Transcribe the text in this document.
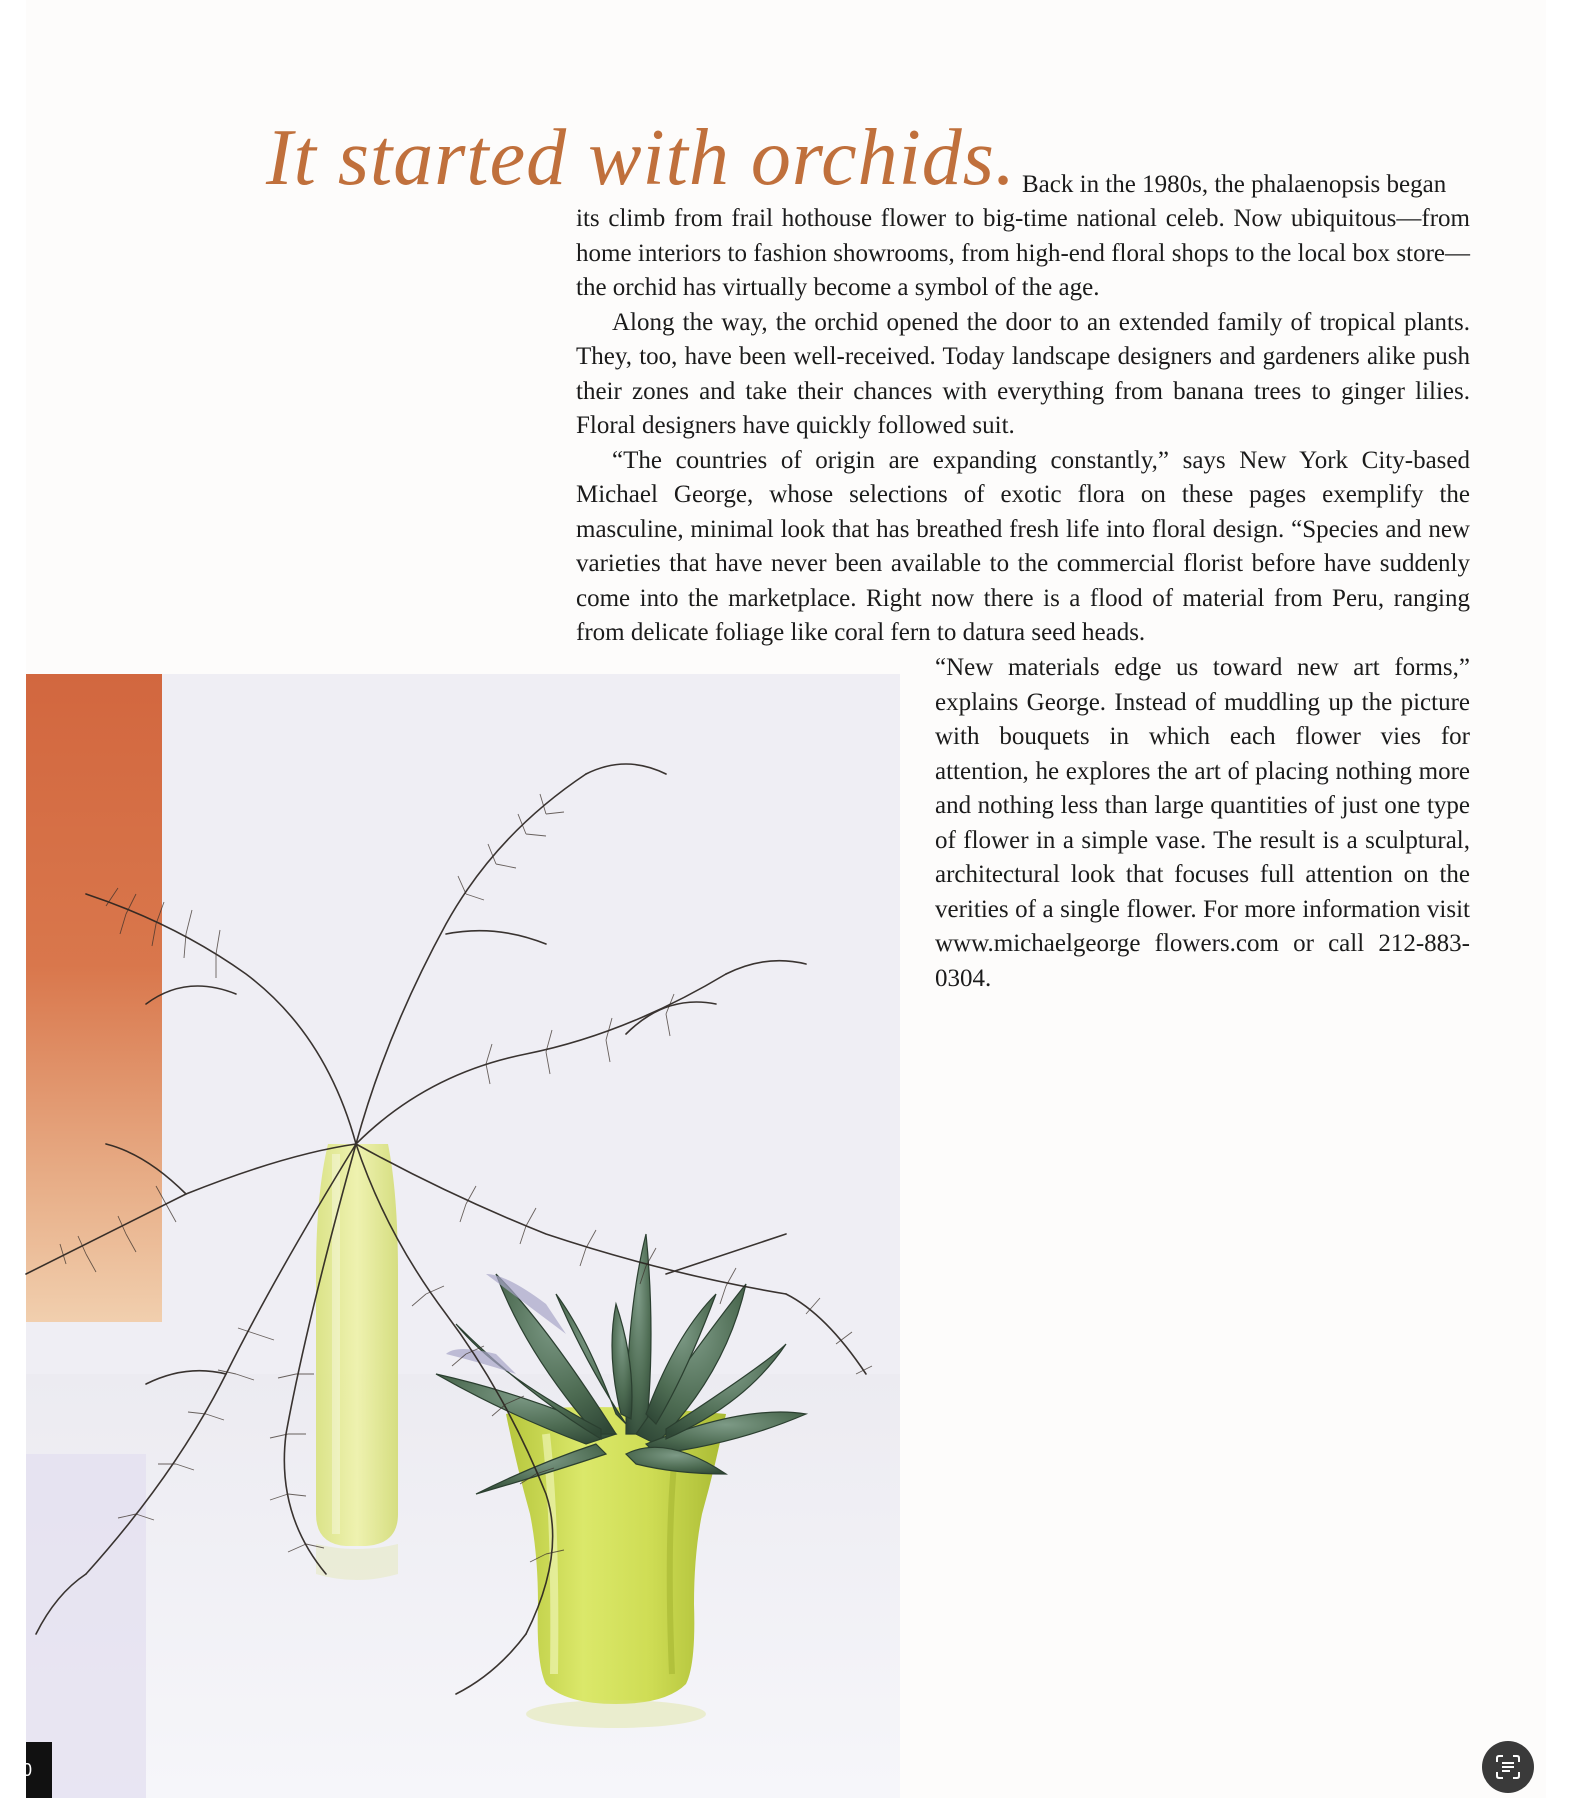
It started with orchids. Back in the 1980s, the phalaenopsis began

its climb from frail hothouse flower to big-time national celeb. Now ubiquitous—from home interiors to fashion showrooms, from high-end floral shops to the local box store—the orchid has virtually become a symbol of the age.

Along the way, the orchid opened the door to an extended family of tropical plants. They, too, have been well-received. Today landscape designers and gardeners alike push their zones and take their chances with everything from banana trees to ginger lilies. Floral designers have quickly followed suit.

“The countries of origin are expanding constantly,” says New York City-based Michael George, whose selections of exotic flora on these pages exemplify the masculine, minimal look that has breathed fresh life into floral design. “Species and new varieties that have never been available to the commercial florist before have suddenly come into the marketplace. Right now there is a flood of material from Peru, ranging from delicate foliage like coral fern to datura seed heads.

“New materials edge us toward new art forms,” explains George. Instead of muddling up the picture with bouquets in which each flower vies for attention, he explores the art of placing nothing more and nothing less than large quantities of just one type of flower in a simple vase. The result is a sculptural, architectural look that focuses full attention on the verities of a single flower. For more information visit www.michaelgeorge flowers.com or call 212-883-0304.

0
